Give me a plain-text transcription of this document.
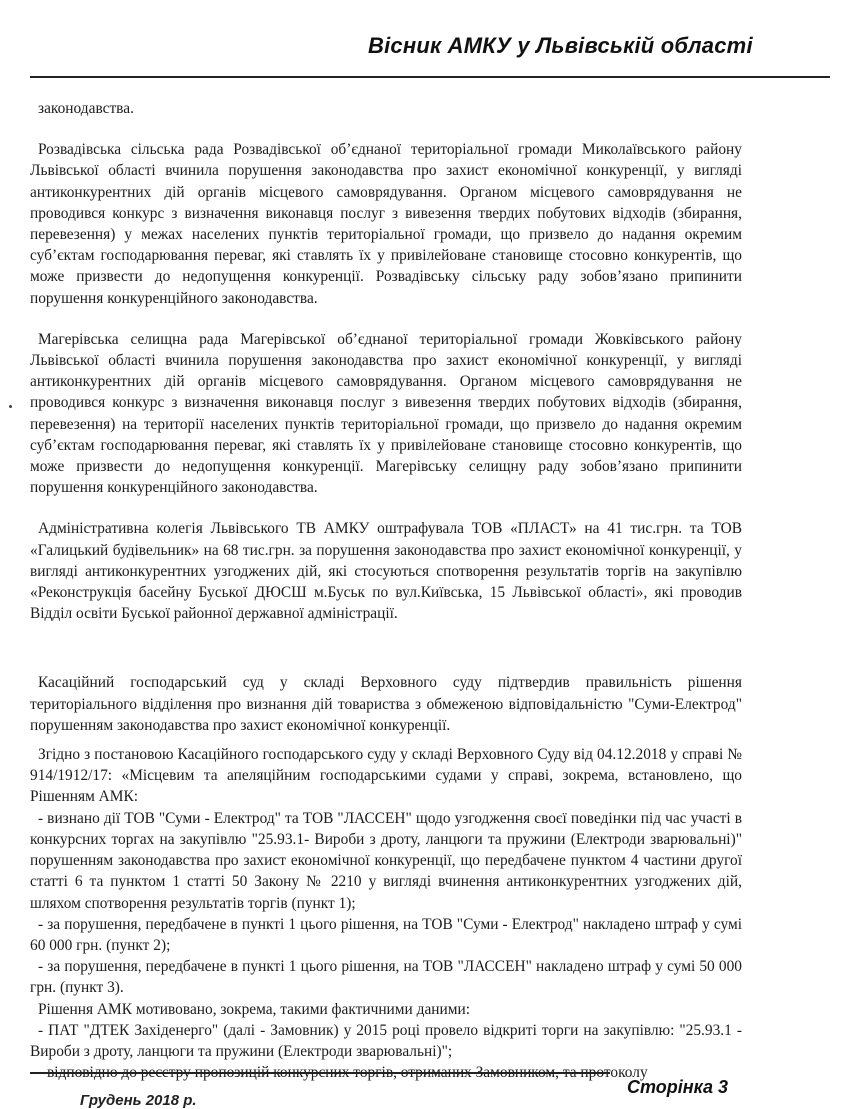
Вісник АМКУ у Львівській області

законодавства.

Розвадівська сільська рада Розвадівської об’єднаної територіальної громади Миколаївського району Львівської області вчинила порушення законодавства про захист економічної конкуренції, у вигляді антиконкурентних дій органів місцевого самоврядування. Органом місцевого самоврядування не проводився конкурс з визначення виконавця послуг з вивезення твердих побутових відходів (збирання, перевезення) у межах населених пунктів територіальної громади, що призвело до надання окремим суб’єктам господарювання переваг, які ставлять їх у привілейоване становище стосовно конкурентів, що може призвести до недопущення конкуренції. Розвадівську сільську раду зобов’язано припинити порушення конкуренційного законодавства.

Магерівська селищна рада Магерівської об’єднаної територіальної громади Жовківського району Львівської області вчинила порушення законодавства про захист економічної конкуренції, у вигляді антиконкурентних дій органів місцевого самоврядування. Органом місцевого самоврядування не проводився конкурс з визначення виконавця послуг з вивезення твердих побутових відходів (збирання, перевезення) на території населених пунктів територіальної громади, що призвело до надання окремим суб’єктам господарювання переваг, які ставлять їх у привілейоване становище стосовно конкурентів, що може призвести до недопущення конкуренції. Магерівську селищну раду зобов’язано припинити порушення конкуренційного законодавства.

Адміністративна колегія Львівського ТВ АМКУ оштрафувала ТОВ «ПЛАСТ» на 41 тис.грн. та ТОВ «Галицький будівельник» на 68 тис.грн. за порушення законодавства про захист економічної конкуренції, у вигляді антиконкурентних узгоджених дій, які стосуються спотворення результатів торгів на закупівлю «Реконструкція басейну Буської ДЮСШ м.Буськ по вул.Київська, 15 Львівської області», які проводив Відділ освіти Буської районної державної адміністрації.

Касаційний господарський суд у складі Верховного суду підтвердив правильність рішення територіального відділення про визнання дій товариства з обмеженою відповідальністю "Суми-Електрод" порушенням законодавства про захист економічної конкуренції.

Згідно з постановою Касаційного господарського суду у складі Верховного Суду від 04.12.2018 у справі № 914/1912/17: «Місцевим та апеляційним господарськими судами у справі, зокрема, встановлено, що Рішенням АМК:

- визнано дії ТОВ "Суми - Електрод" та ТОВ "ЛАССЕН" щодо узгодження своєї поведінки під час участі в конкурсних торгах на закупівлю "25.93.1- Вироби з дроту, ланцюги та пружини (Електроди зварювальні)" порушенням законодавства про захист економічної конкуренції, що передбачене пунктом 4 частини другої статті 6 та пунктом 1 статті 50 Закону № 2210 у вигляді вчинення антиконкурентних узгоджених дій, шляхом спотворення результатів торгів (пункт 1);

- за порушення, передбачене в пункті 1 цього рішення, на ТОВ "Суми - Електрод" накладено штраф у сумі 60 000 грн. (пункт 2);

- за порушення, передбачене в пункті 1 цього рішення, на ТОВ "ЛАССЕН" накладено штраф у сумі 50 000 грн. (пункт 3).

Рішення АМК мотивовано, зокрема, такими фактичними даними:

- ПАТ "ДТЕК Західенерго" (далі - Замовник) у 2015 році провело відкриті торги на закупівлю: "25.93.1 - Вироби з дроту, ланцюги та пружини (Електроди зварювальні)";

- відповідно до реєстру пропозицій конкурсних торгів, отриманих Замовником, та протоколу

Сторінка 3
Грудень 2018 р.
